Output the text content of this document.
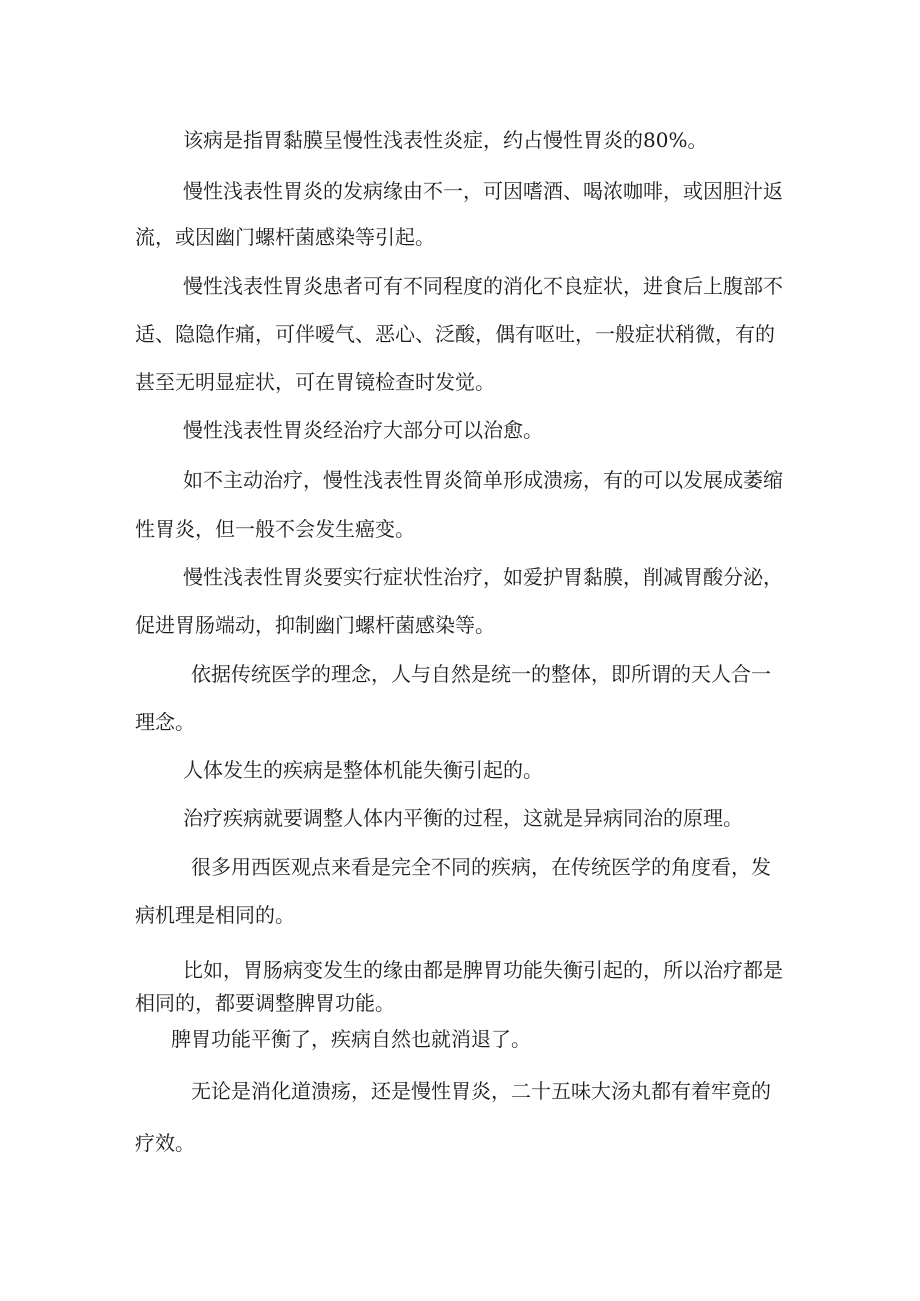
该病是指胃黏膜呈慢性浅表性炎症，约占慢性胃炎的80%。
慢性浅表性胃炎的发病缘由不一，可因嗜酒、喝浓咖啡，或因胆汁返
流，或因幽门螺杆菌感染等引起。
慢性浅表性胃炎患者可有不同程度的消化不良症状，进食后上腹部不
适、隐隐作痛，可伴嗳气、恶心、泛酸，偶有呕吐，一般症状稍微，有的
甚至无明显症状，可在胃镜检查时发觉。
慢性浅表性胃炎经治疗大部分可以治愈。
如不主动治疗，慢性浅表性胃炎简单形成溃疡，有的可以发展成萎缩
性胃炎，但一般不会发生癌变。
慢性浅表性胃炎要实行症状性治疗，如爱护胃黏膜，削减胃酸分泌，
促进胃肠端动，抑制幽门螺杆菌感染等。
依据传统医学的理念，人与自然是统一的整体，即所谓的天人合一
理念。
人体发生的疾病是整体机能失衡引起的。
治疗疾病就要调整人体内平衡的过程，这就是异病同治的原理。
很多用西医观点来看是完全不同的疾病，在传统医学的角度看，发
病机理是相同的。
比如，胃肠病变发生的缘由都是脾胃功能失衡引起的，所以治疗都是
相同的，都要调整脾胃功能。
脾胃功能平衡了，疾病自然也就消退了。
无论是消化道溃疡，还是慢性胃炎，二十五味大汤丸都有着牢竟的
疗效。
